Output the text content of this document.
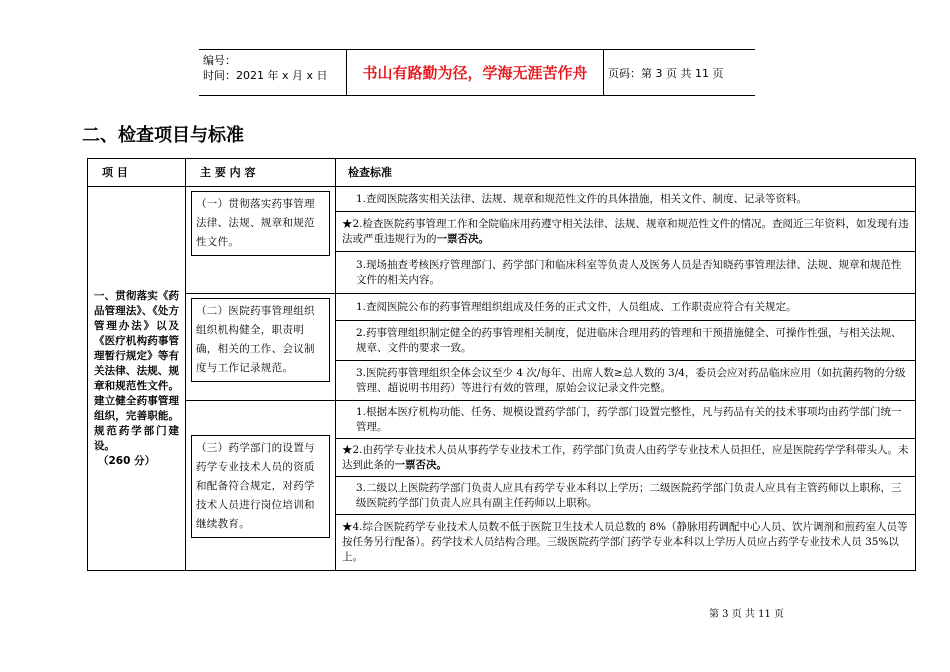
编号：
时间：2021 年 x 月 x 日	书山有路勤为径，学海无涯苦作舟	页码：第 3 页 共 11 页
二、检查项目与标准
项 目	主 要 内 容	检查标准
一、贯彻落实《药品管理法》、《处方管理办法》以及《医疗机构药事管理暂行规定》等有关法律、法规、规章和规范性文件。建立健全药事管理组织，完善职能。规范药学部门建设。
（260 分）	（一）贯彻落实药事管理法律、法规、规章和规范性文件。	1.查阅医院落实相关法律、法规、规章和规范性文件的具体措施，相关文件、制度、记录等资料。

		★2.检查医院药事管理工作和全院临床用药遵守相关法律、法规、规章和规范性文件的情况。查阅近三年资料，如发现有违法或严重违规行为的一票否决。

		3.现场抽查考核医疗管理部门、药学部门和临床科室等负责人及医务人员是否知晓药事管理法律、法规、规章和规范性文件的相关内容。

	（二）医院药事管理组织组织机构健全，职责明确，相关的工作、会议制度与工作记录规范。	1.查阅医院公布的药事管理组织组成及任务的正式文件，人员组成、工作职责应符合有关规定。

		2.药事管理组织制定健全的药事管理相关制度，促进临床合理用药的管理和干预措施健全、可操作性强，与相关法规、规章、文件的要求一致。

		3.医院药事管理组织全体会议至少 4 次/每年、出席人数≥总人数的 3/4，委员会应对药品临床应用（如抗菌药物的分级管理、超说明书用药）等进行有效的管理，原始会议记录文件完整。

	（三）药学部门的设置与药学专业技术人员的资质和配备符合规定，对药学技术人员进行岗位培训和继续教育。	1.根据本医疗机构功能、任务、规模设置药学部门，药学部门设置完整性，凡与药品有关的技术事项均由药学部门统一管理。

		★2.由药学专业技术人员从事药学专业技术工作，药学部门负责人由药学专业技术人员担任，应是医院药学学科带头人。未达到此条的一票否决。

		3.二级以上医院药学部门负责人应具有药学专业本科以上学历；二级医院药学部门负责人应具有主管药师以上职称，三级医院药学部门负责人应具有副主任药师以上职称。

		★4.综合医院药学专业技术人员数不低于医院卫生技术人员总数的 8%（静脉用药调配中心人员、饮片调剂和煎药室人员等按任务另行配备）。药学技术人员结构合理。三级医院药学部门药学专业本科以上学历人员应占药学专业技术人员 35%以上。
第 3 页 共 11 页
